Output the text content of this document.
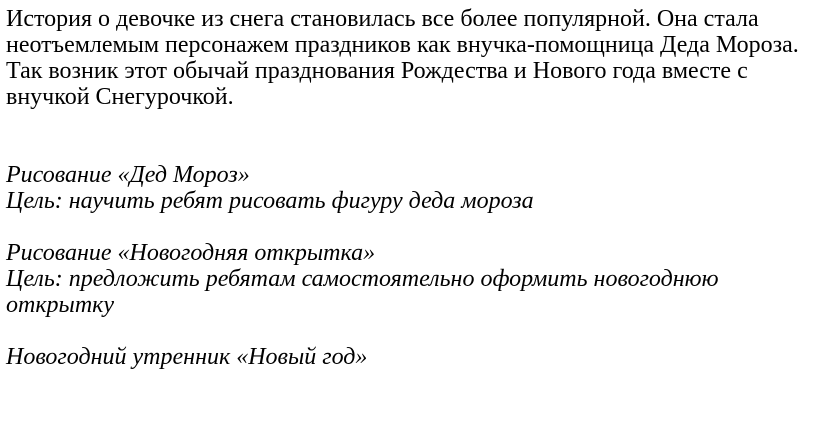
История о девочке из снега становилась все более популярной. Она стала
неотъемлемым персонажем праздников как внучка-помощница Деда Мороза.
Так возник этот обычай празднования Рождества и Нового года вместе с
внучкой Снегурочкой.

Рисование «Дед Мороз»
Цель: научить ребят рисовать фигуру деда мороза

Рисование «Новогодняя открытка»
Цель: предложить ребятам самостоятельно оформить новогоднюю
открытку

Новогодний утренник «Новый год»
